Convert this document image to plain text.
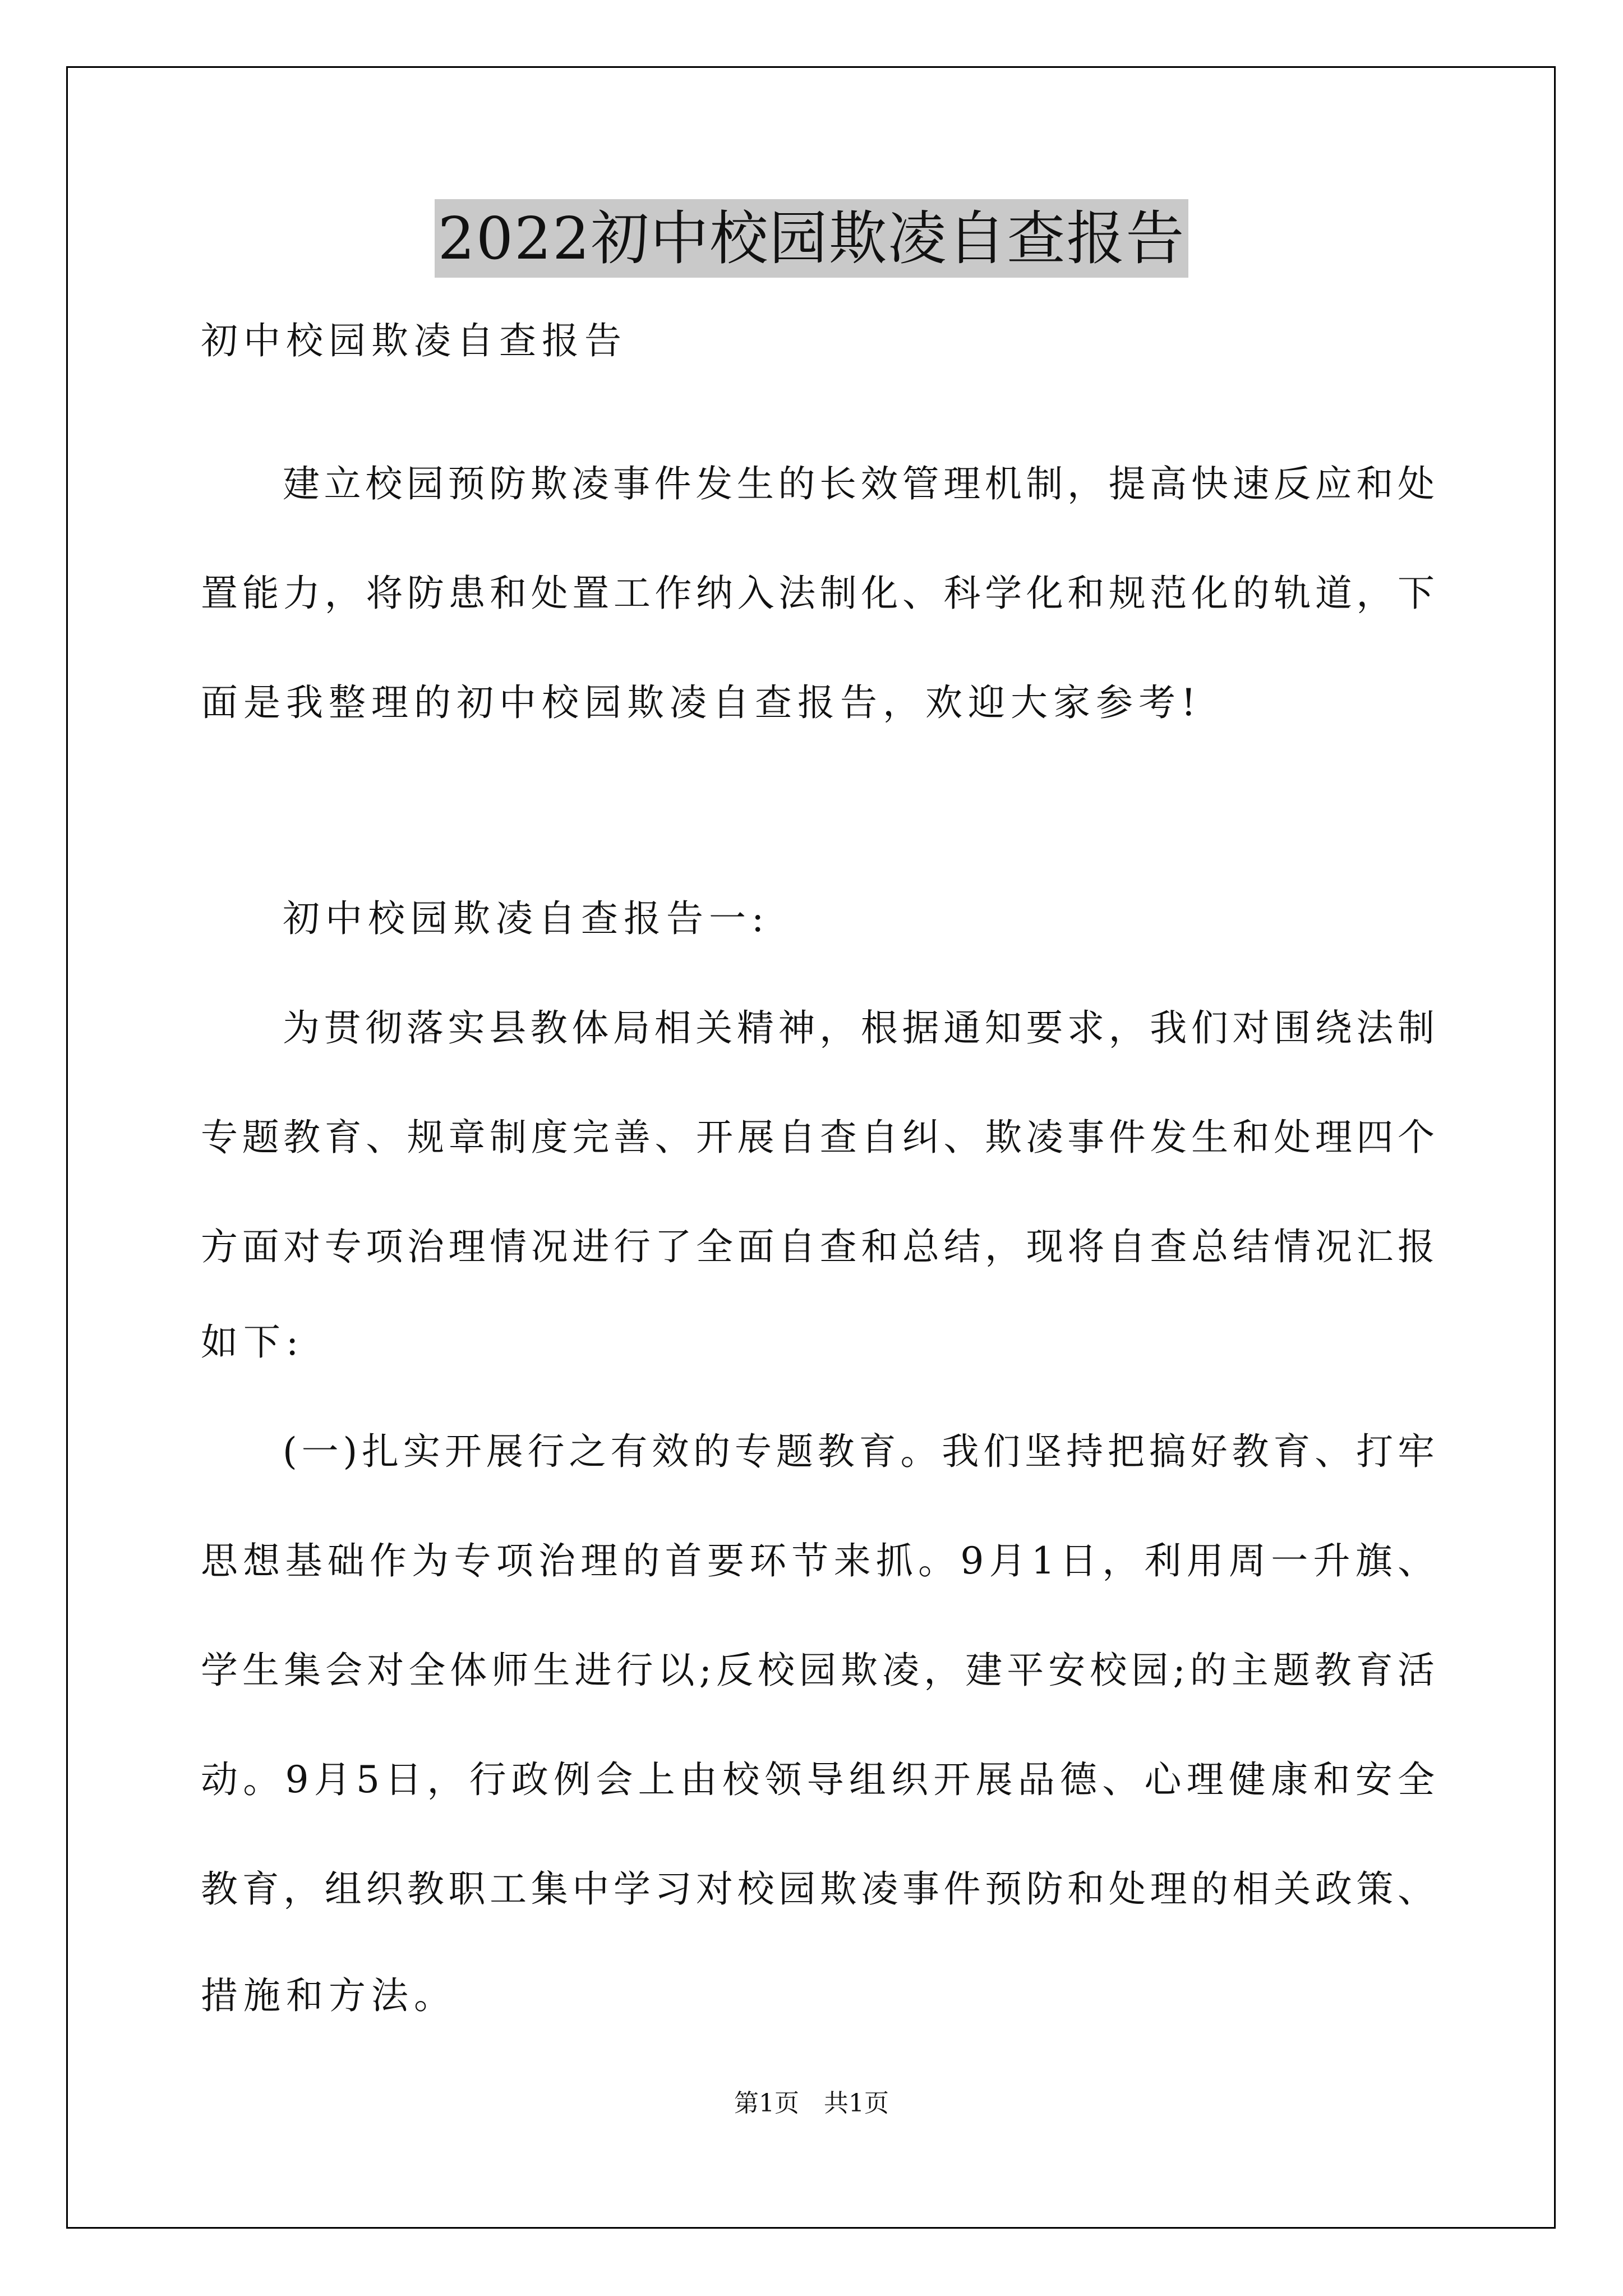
2022初中校园欺凌自查报告
初中校园欺凌自查报告
建立校园预防欺凌事件发生的长效管理机制，提高快速反应和处
置能力，将防患和处置工作纳入法制化、科学化和规范化的轨道，下
面是我整理的初中校园欺凌自查报告，欢迎大家参考!
初中校园欺凌自查报告一:
为贯彻落实县教体局相关精神，根据通知要求，我们对围绕法制
专题教育、规章制度完善、开展自查自纠、欺凌事件发生和处理四个
方面对专项治理情况进行了全面自查和总结，现将自查总结情况汇报
如下:
(一)扎实开展行之有效的专题教育。我们坚持把搞好教育、打牢
思想基础作为专项治理的首要环节来抓。9月1日，利用周一升旗、
学生集会对全体师生进行以;反校园欺凌，建平安校园;的主题教育活
动。9月5日，行政例会上由校领导组织开展品德、心理健康和安全
教育，组织教职工集中学习对校园欺凌事件预防和处理的相关政策、
措施和方法。
第1页　共1页
